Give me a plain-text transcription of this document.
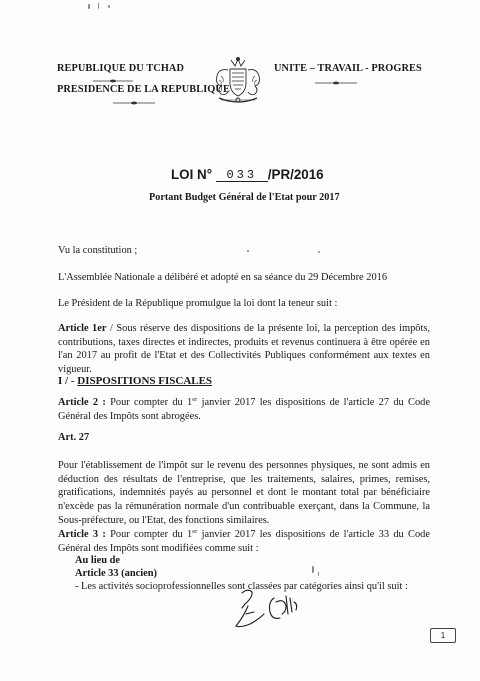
REPUBLIQUE DU TCHAD
PRESIDENCE DE LA REPUBLIQUE
UNITE – TRAVAIL - PROGRES
LOI N° 033 /PR/2016
Portant Budget Général de l'Etat pour 2017
Vu la constitution ;
L'Assemblée Nationale a délibéré et adopté en sa séance du 29 Décembre 2016
Le Président de la République promulgue la loi dont la teneur suit :
Article 1er / Sous réserve des dispositions de la présente loi, la perception des impôts, contributions, taxes directes et indirectes, produits et revenus continuera à être opérée en l'an 2017 au profit de l'Etat et des Collectivités Publiques conformément aux textes en vigueur.
I / - DISPOSITIONS FISCALES
Article 2 : Pour compter du 1er janvier 2017 les dispositions de l'article 27 du Code Général des Impôts sont abrogées.
Art. 27
Pour l'établissement de l'impôt sur le revenu des personnes physiques, ne sont admis en déduction des résultats de l'entreprise, que les traitements, salaires, primes, remises, gratifications, indemnités payés au personnel et dont le montant total par bénéficiaire n'excède pas la rémunération normale d'un contribuable exerçant, dans la Commune, la Sous-préfecture, ou l'Etat, des fonctions similaires.
Article 3 : Pour compter du 1er janvier 2017 les dispositions de l'article 33 du Code Général des Impôts sont modifiées comme suit :
Au lieu de
Article 33 (ancien)
- Les activités socioprofessionnelles sont classées par catégories ainsi qu'il suit :
1
